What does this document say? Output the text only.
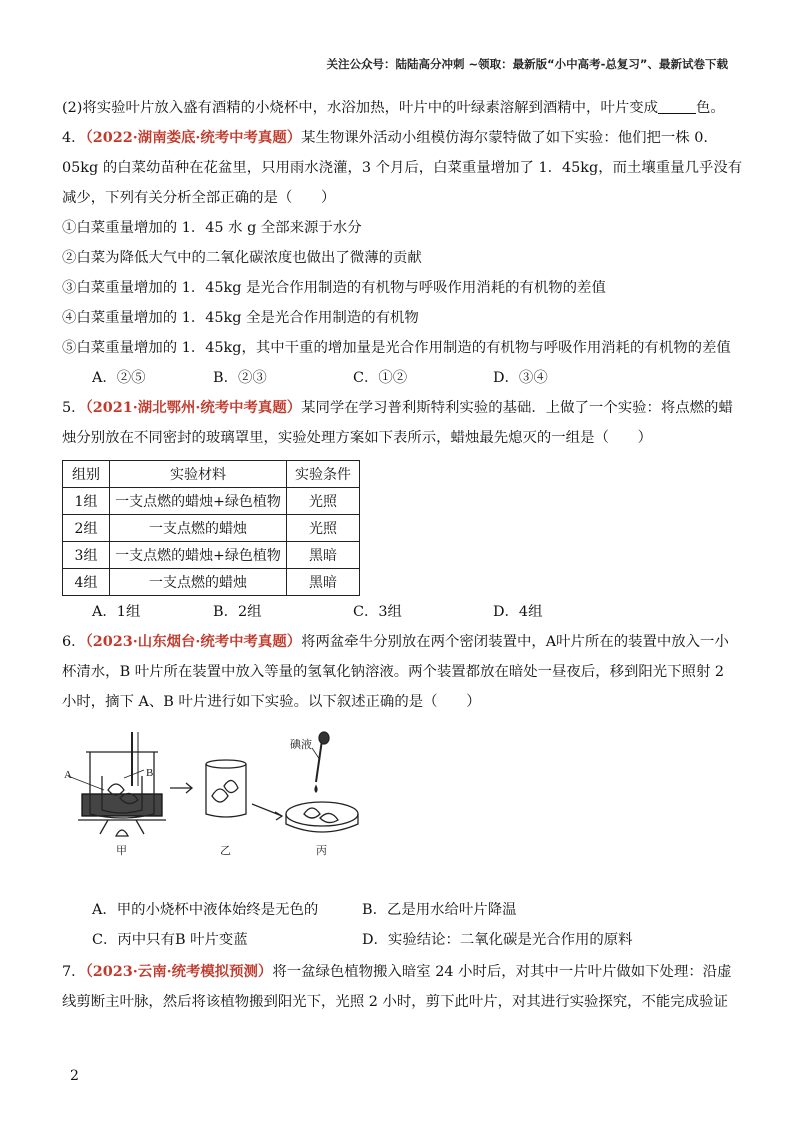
关注公众号：陆陆高分冲刺 ~领取：最新版“小中高考-总复习”、最新试卷下载
(2)将实验叶片放入盛有酒精的小烧杯中，水浴加热，叶片中的叶绿素溶解到酒精中，叶片变成	色。
4．（2022·湖南娄底·统考中考真题）某生物课外活动小组模仿海尔蒙特做了如下实验：他们把一株 0.
05kg 的白菜幼苗种在花盆里，只用雨水浇灌，3 个月后，白菜重量增加了 1．45kg，而土壤重量几乎没有
减少，下列有关分析全部正确的是（　　）
①白菜重量增加的 1．45 水 g 全部来源于水分
②白菜为降低大气中的二氧化碳浓度也做出了微薄的贡献
③白菜重量增加的 1．45kg 是光合作用制造的有机物与呼吸作用消耗的有机物的差值
④白菜重量增加的 1．45kg 全是光合作用制造的有机物
⑤白菜重量增加的 1．45kg，其中干重的增加量是光合作用制造的有机物与呼吸作用消耗的有机物的差值
A．②⑤	B．②③	C．①②	D．③④
5．（2021·湖北鄂州·统考中考真题）某同学在学习普利斯特利实验的基础．上做了一个实验：将点燃的蜡
烛分别放在不同密封的玻璃罩里，实验处理方案如下表所示，蜡烛最先熄灭的一组是（　　）
组别	实验材料	实验条件
1组	一支点燃的蜡烛+绿色植物	光照
2组	一支点燃的蜡烛	光照
3组	一支点燃的蜡烛+绿色植物	黑暗
4组	一支点燃的蜡烛	黑暗
A．1组	B．2组	C．3组	D．4组
6．（2023·山东烟台·统考中考真题）将两盆牵牛分别放在两个密闭装置中，A叶片所在的装置中放入一小
杯清水，B 叶片所在装置中放入等量的氢氧化钠溶液。两个装置都放在暗处一昼夜后，移到阳光下照射 2
小时，摘下 A、B 叶片进行如下实验。以下叙述正确的是（　　）
A	B
碘液
甲	乙	丙
A．甲的小烧杯中液体始终是无色的	B．乙是用水给叶片降温
C．丙中只有B 叶片变蓝	D．实验结论：二氧化碳是光合作用的原料
7．（2023·云南·统考模拟预测）将一盆绿色植物搬入暗室 24 小时后，对其中一片叶片做如下处理：沿虚
线剪断主叶脉，然后将该植物搬到阳光下，光照 2 小时，剪下此叶片，对其进行实验探究，不能完成验证
2
